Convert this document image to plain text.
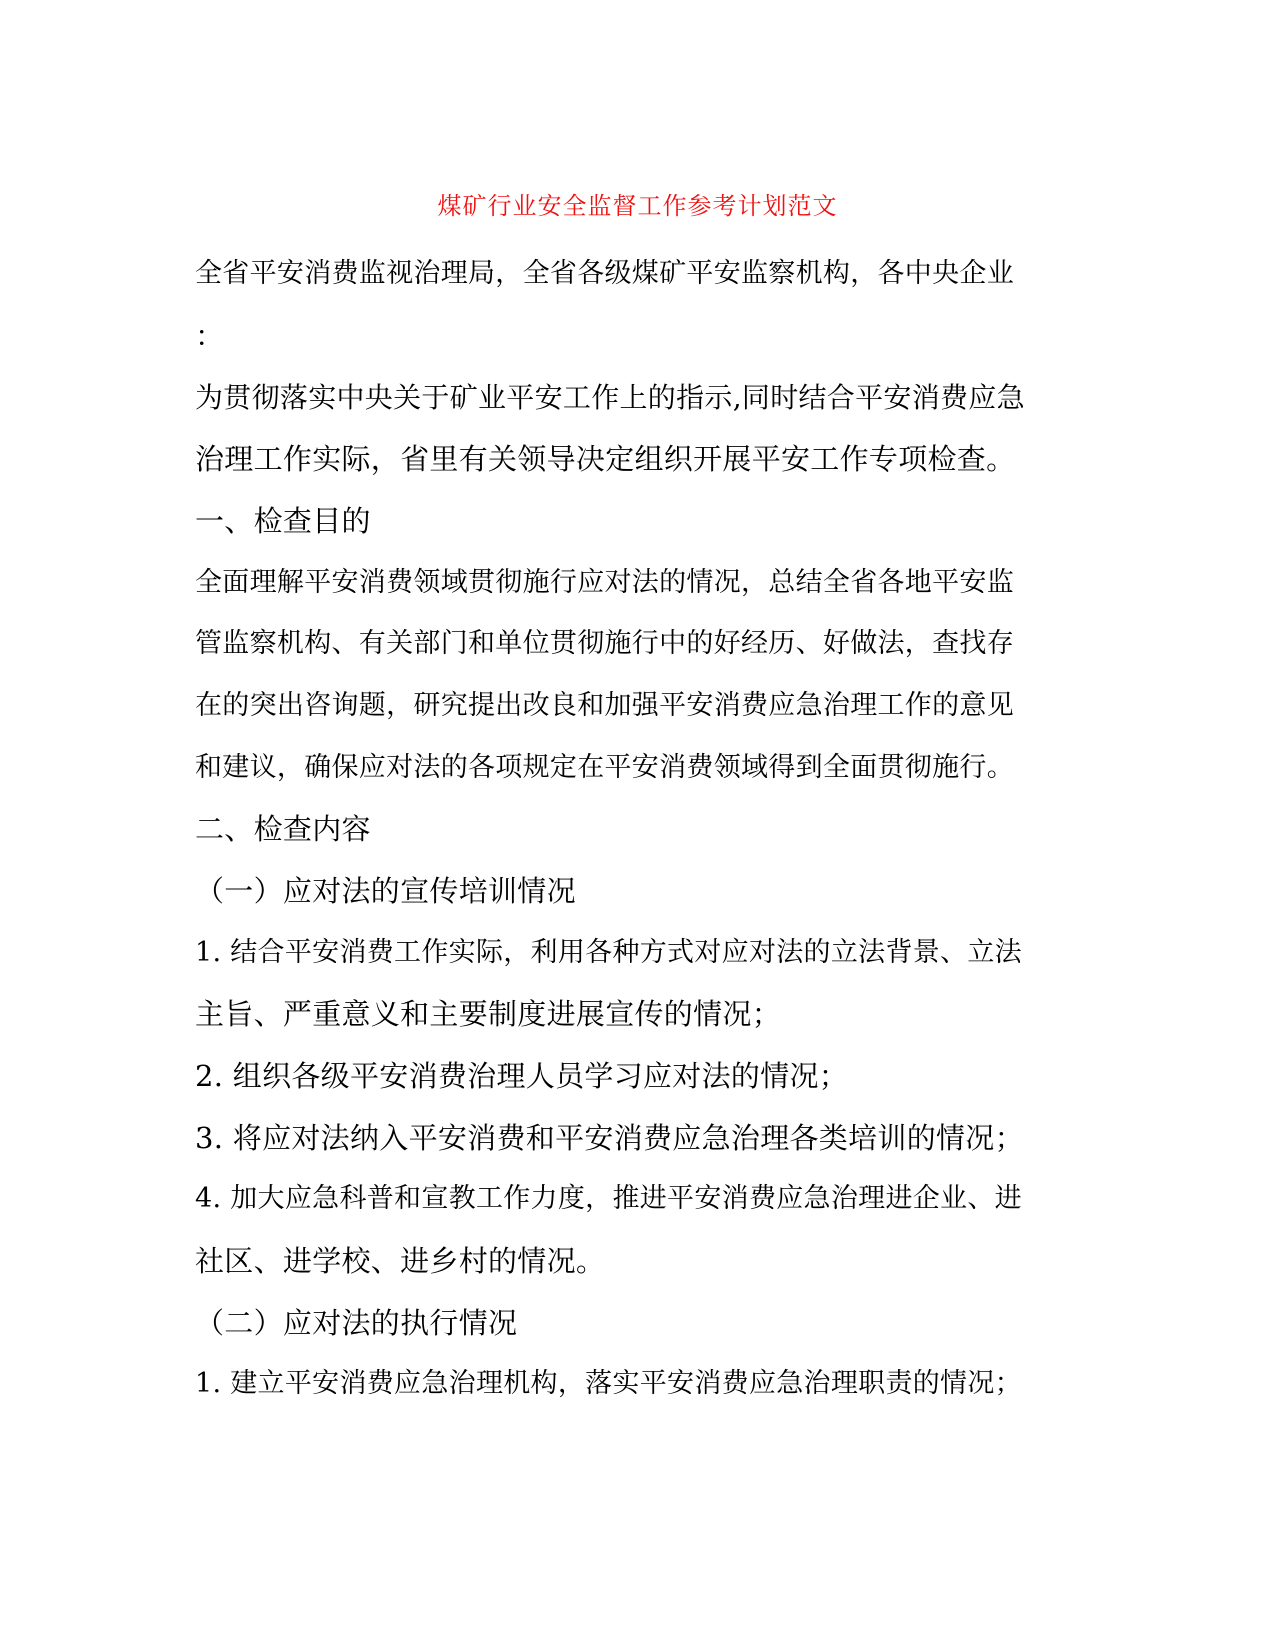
煤矿行业安全监督工作参考计划范文
全省平安消费监视治理局，全省各级煤矿平安监察机构，各中央企业
：
为贯彻落实中央关于矿业平安工作上的指示,同时结合平安消费应急
治理工作实际，省里有关领导决定组织开展平安工作专项检查。
一、检查目的
全面理解平安消费领域贯彻施行应对法的情况，总结全省各地平安监
管监察机构、有关部门和单位贯彻施行中的好经历、好做法，查找存
在的突出咨询题，研究提出改良和加强平安消费应急治理工作的意见
和建议，确保应对法的各项规定在平安消费领域得到全面贯彻施行。
二、检查内容
（一）应对法的宣传培训情况
1. 结合平安消费工作实际，利用各种方式对应对法的立法背景、立法
主旨、严重意义和主要制度进展宣传的情况；
2. 组织各级平安消费治理人员学习应对法的情况；
3. 将应对法纳入平安消费和平安消费应急治理各类培训的情况；
4. 加大应急科普和宣教工作力度，推进平安消费应急治理进企业、进
社区、进学校、进乡村的情况。
（二）应对法的执行情况
1. 建立平安消费应急治理机构，落实平安消费应急治理职责的情况；
